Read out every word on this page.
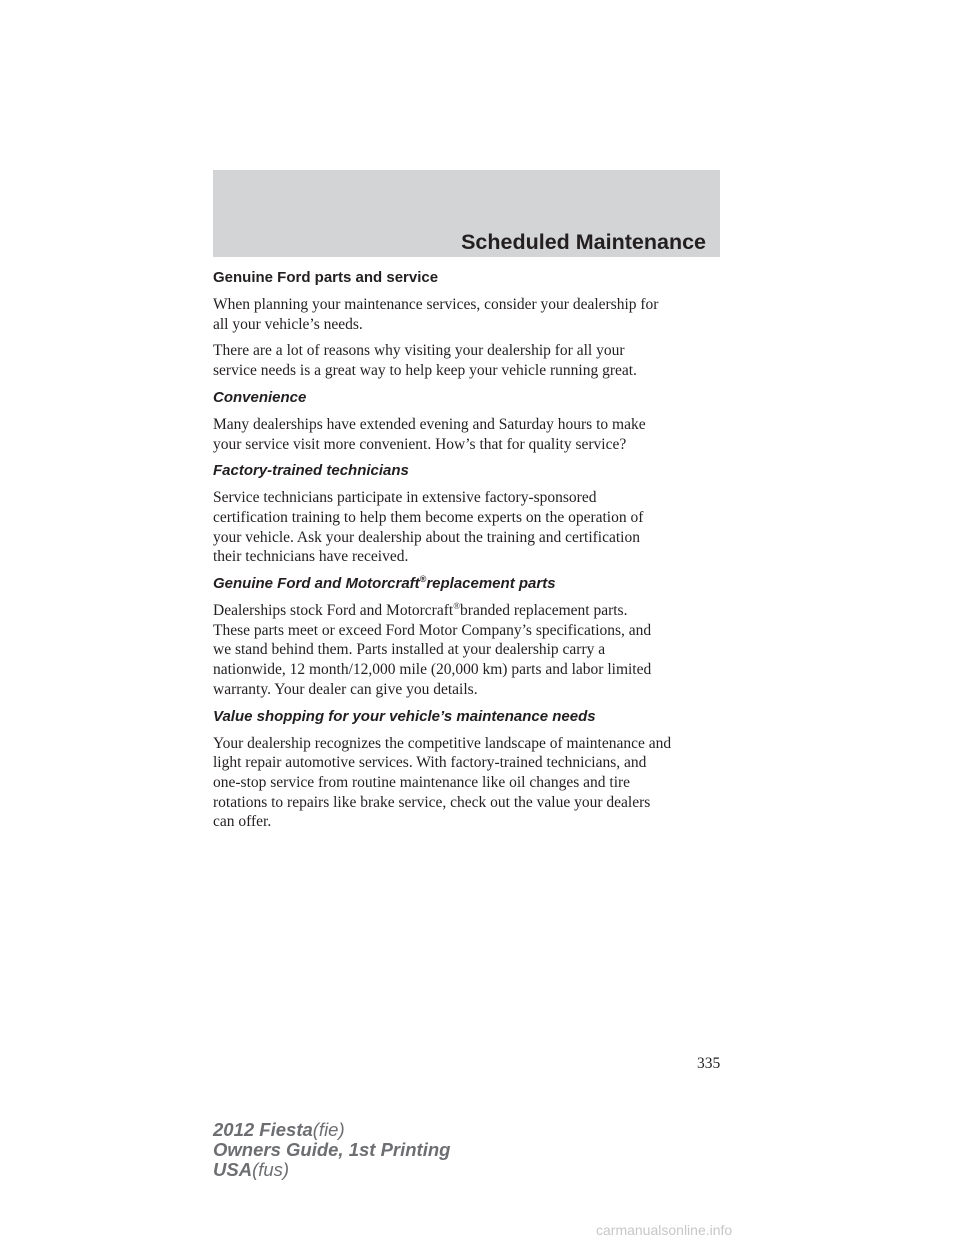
Scheduled Maintenance
Genuine Ford parts and service
When planning your maintenance services, consider your dealership for
all your vehicle’s needs.
There are a lot of reasons why visiting your dealership for all your
service needs is a great way to help keep your vehicle running great.
Convenience
Many dealerships have extended evening and Saturday hours to make
your service visit more convenient. How’s that for quality service?
Factory-trained technicians
Service technicians participate in extensive factory-sponsored
certification training to help them become experts on the operation of
your vehicle. Ask your dealership about the training and certification
their technicians have received.
Genuine Ford and Motorcraft®replacement parts
Dealerships stock Ford and Motorcraft®branded replacement parts.
These parts meet or exceed Ford Motor Company’s specifications, and
we stand behind them. Parts installed at your dealership carry a
nationwide, 12 month/12,000 mile (20,000 km) parts and labor limited
warranty. Your dealer can give you details.
Value shopping for your vehicle’s maintenance needs
Your dealership recognizes the competitive landscape of maintenance and
light repair automotive services. With factory-trained technicians, and
one-stop service from routine maintenance like oil changes and tire
rotations to repairs like brake service, check out the value your dealers
can offer.
335
2012 Fiesta(fie)
Owners Guide, 1st Printing
USA(fus)
carmanualsonline.info
